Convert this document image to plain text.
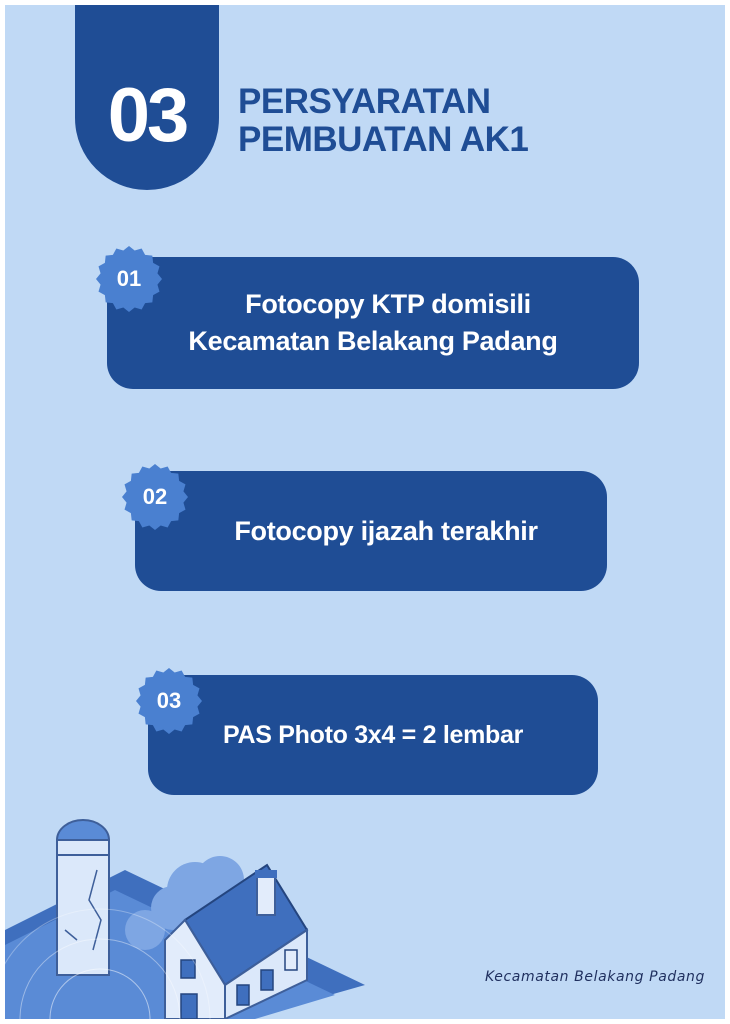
03	PERSYARATAN
PEMBUATAN AK1
Fotocopy KTP domisili
Kecamatan Belakang Padang
01
Fotocopy ijazah terakhir
02
PAS Photo 3x4 = 2 lembar
03
Kecamatan Belakang Padang
